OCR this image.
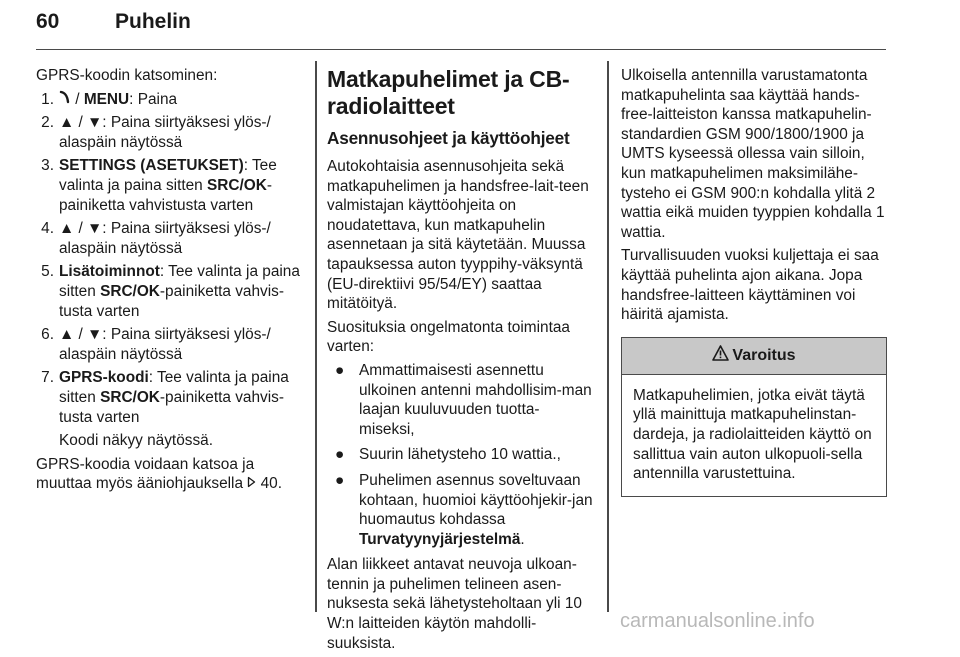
60	Puhelin

GPRS-koodin katsominen:

1. / MENU: Paina
2. ▲ / ▼: Paina siirtyäksesi ylös-/ alaspäin näytössä
3. SETTINGS (ASETUKSET): Tee valinta ja paina sitten SRC/OK-painiketta vahvistusta varten
4. ▲ / ▼: Paina siirtyäksesi ylös-/ alaspäin näytössä
5. Lisätoiminnot: Tee valinta ja paina sitten SRC/OK-painiketta vahvis-tusta varten
6. ▲ / ▼: Paina siirtyäksesi ylös-/ alaspäin näytössä
7. GPRS-koodi: Tee valinta ja paina sitten SRC/OK-painiketta vahvis-tusta varten

Koodi näkyy näytössä.

GPRS-koodia voidaan katsoa ja muuttaa myös ääniohjauksella 40.

Matkapuhelimet ja CB-radiolaitteet
Asennusohjeet ja käyttöohjeet

Autokohtaisia asennusohjeita sekä matkapuhelimen ja handsfree-lait-teen valmistajan käyttöohjeita on noudatettava, kun matkapuhelin asennetaan ja sitä käytetään. Muussa tapauksessa auton tyyppihy-väksyntä (EU-direktiivi 95/54/EY) saattaa mitätöityä.

Suosituksia ongelmatonta toimintaa varten:

● Ammattimaisesti asennettu ulkoinen antenni mahdollisim-man laajan kuuluvuuden tuotta-miseksi,
● Suurin lähetysteho 10 wattia.,
● Puhelimen asennus soveltuvaan kohtaan, huomioi käyttöohjekir-jan huomautus kohdassa Turvatyynyjärjestelmä.

Alan liikkeet antavat neuvoja ulkoan-tennin ja puhelimen telineen asen-nuksesta sekä lähetysteholtaan yli 10 W:n laitteiden käytön mahdolli-suuksista.

Ulkoisella antennilla varustamatonta matkapuhelinta saa käyttää hands-free-laitteiston kanssa matkapuhelin-standardien GSM 900/1800/1900 ja UMTS kyseessä ollessa vain silloin, kun matkapuhelimen maksimilähe-tysteho ei GSM 900:n kohdalla ylitä 2 wattia eikä muiden tyyppien kohdalla 1 wattia.

Turvallisuuden vuoksi kuljettaja ei saa käyttää puhelinta ajon aikana. Jopa handsfree-laitteen käyttäminen voi häiritä ajamista.

Varoitus
Matkapuhelimien, jotka eivät täytä yllä mainittuja matkapuhelinstan-dardeja, ja radiolaitteiden käyttö on sallittua vain auton ulkopuoli-sella antennilla varustettuina.
carmanualsonline.info
